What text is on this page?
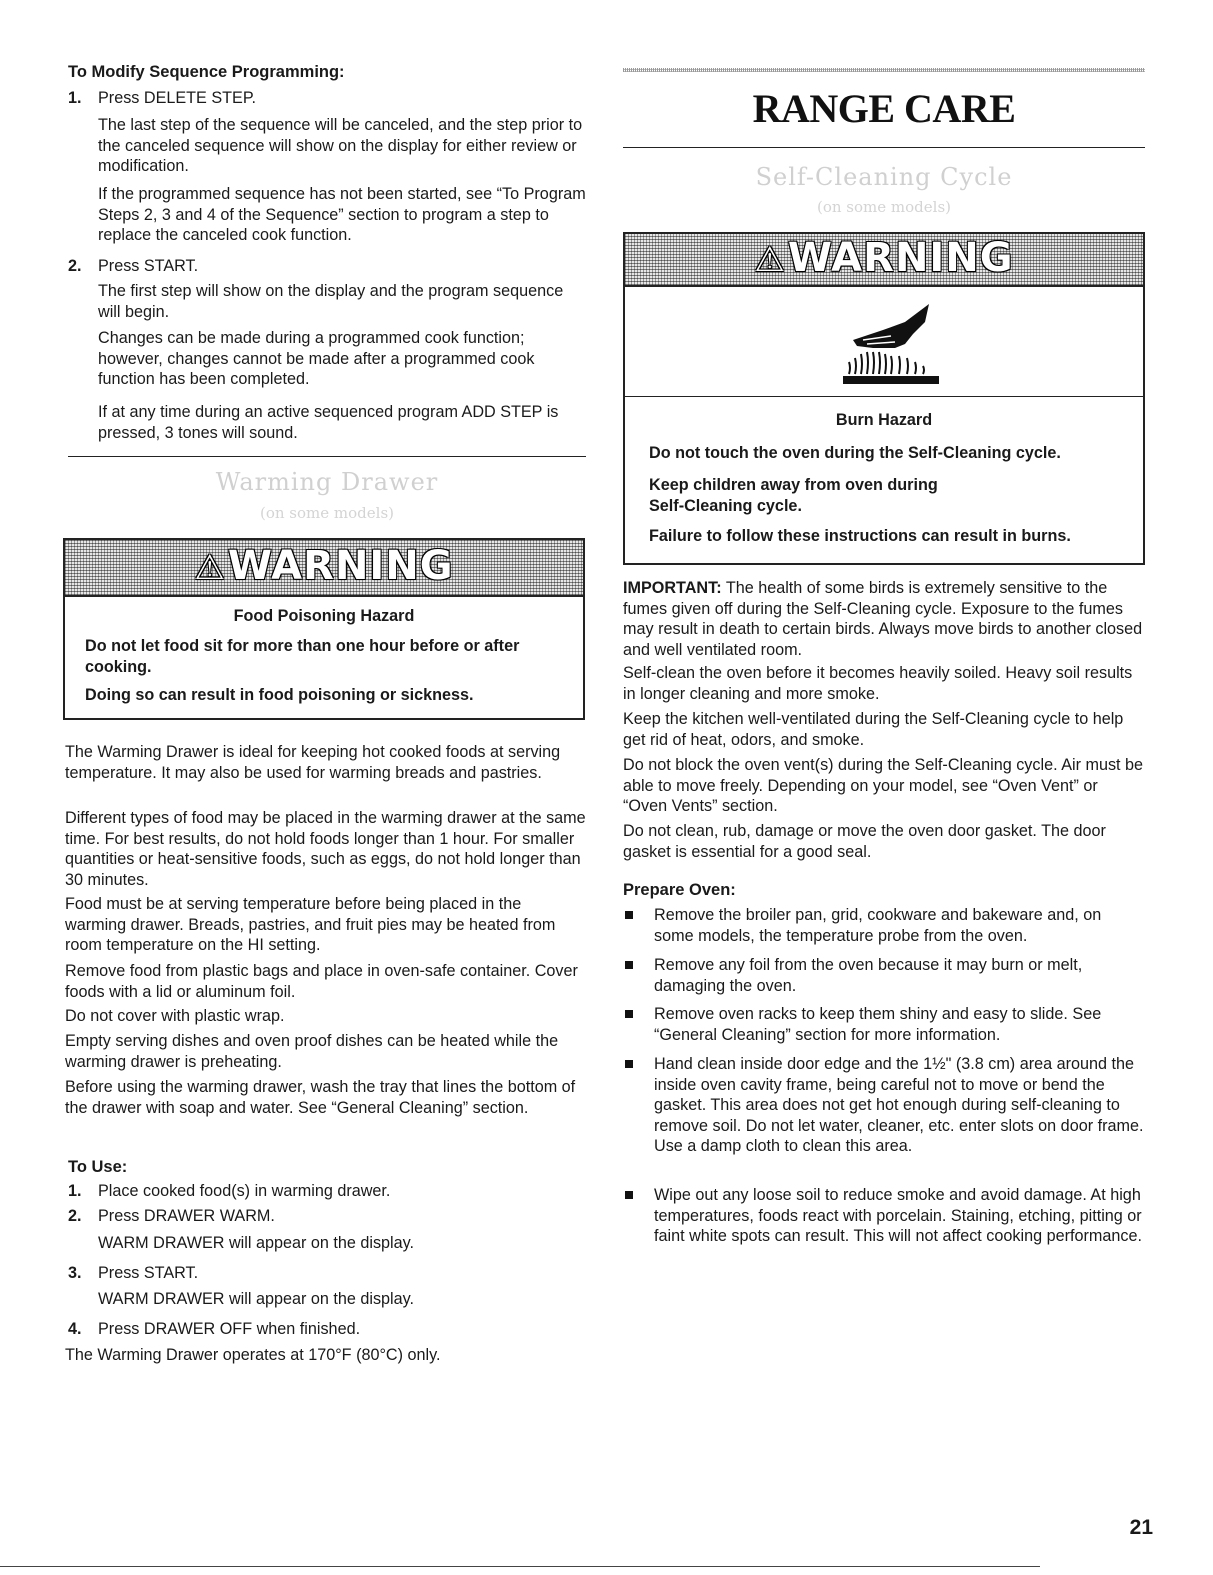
To Modify Sequence Programming:
1. Press DELETE STEP.

The last step of the sequence will be canceled, and the step prior to the canceled sequence will show on the display for either review or modification.

If the programmed sequence has not been started, see “To Program Steps 2, 3 and 4 of the Sequence” section to program a step to replace the canceled cook function.

2. Press START.

The first step will show on the display and the program sequence will begin.

Changes can be made during a programmed cook function; however, changes cannot be made after a programmed cook function has been completed.

If at any time during an active sequenced program ADD STEP is pressed, 3 tones will sound.

Warming Drawer
(on some models)
⚠WARNING
Food Poisoning Hazard

Do not let food sit for more than one hour before or after cooking.

Doing so can result in food poisoning or sickness.

The Warming Drawer is ideal for keeping hot cooked foods at serving temperature. It may also be used for warming breads and pastries.

Different types of food may be placed in the warming drawer at the same time. For best results, do not hold foods longer than 1 hour. For smaller quantities or heat-sensitive foods, such as eggs, do not hold longer than 30 minutes.

Food must be at serving temperature before being placed in the warming drawer. Breads, pastries, and fruit pies may be heated from room temperature on the HI setting.

Remove food from plastic bags and place in oven-safe container. Cover foods with a lid or aluminum foil.

Do not cover with plastic wrap.

Empty serving dishes and oven proof dishes can be heated while the warming drawer is preheating.

Before using the warming drawer, wash the tray that lines the bottom of the drawer with soap and water. See “General Cleaning” section.

To Use:
1. Place cooked food(s) in warming drawer.
2. Press DRAWER WARM.

WARM DRAWER will appear on the display.

3. Press START.

WARM DRAWER will appear on the display.

4. Press DRAWER OFF when finished.

The Warming Drawer operates at 170°F (80°C) only.

RANGE CARE
Self-Cleaning Cycle
(on some models)
⚠WARNING
Burn Hazard

Do not touch the oven during the Self-Cleaning cycle.

Keep children away from oven during Self-Cleaning cycle.

Failure to follow these instructions can result in burns.

IMPORTANT: The health of some birds is extremely sensitive to the fumes given off during the Self-Cleaning cycle. Exposure to the fumes may result in death to certain birds. Always move birds to another closed and well ventilated room.

Self-clean the oven before it becomes heavily soiled. Heavy soil results in longer cleaning and more smoke.

Keep the kitchen well-ventilated during the Self-Cleaning cycle to help get rid of heat, odors, and smoke.

Do not block the oven vent(s) during the Self-Cleaning cycle. Air must be able to move freely. Depending on your model, see “Oven Vent” or “Oven Vents” section.

Do not clean, rub, damage or move the oven door gasket. The door gasket is essential for a good seal.

Prepare Oven:
Remove the broiler pan, grid, cookware and bakeware and, on some models, the temperature probe from the oven.
Remove any foil from the oven because it may burn or melt, damaging the oven.
Remove oven racks to keep them shiny and easy to slide. See “General Cleaning” section for more information.
Hand clean inside door edge and the 1½" (3.8 cm) area around the inside oven cavity frame, being careful not to move or bend the gasket. This area does not get hot enough during self-cleaning to remove soil. Do not let water, cleaner, etc. enter slots on door frame. Use a damp cloth to clean this area.
Wipe out any loose soil to reduce smoke and avoid damage. At high temperatures, foods react with porcelain. Staining, etching, pitting or faint white spots can result. This will not affect cooking performance.
21
